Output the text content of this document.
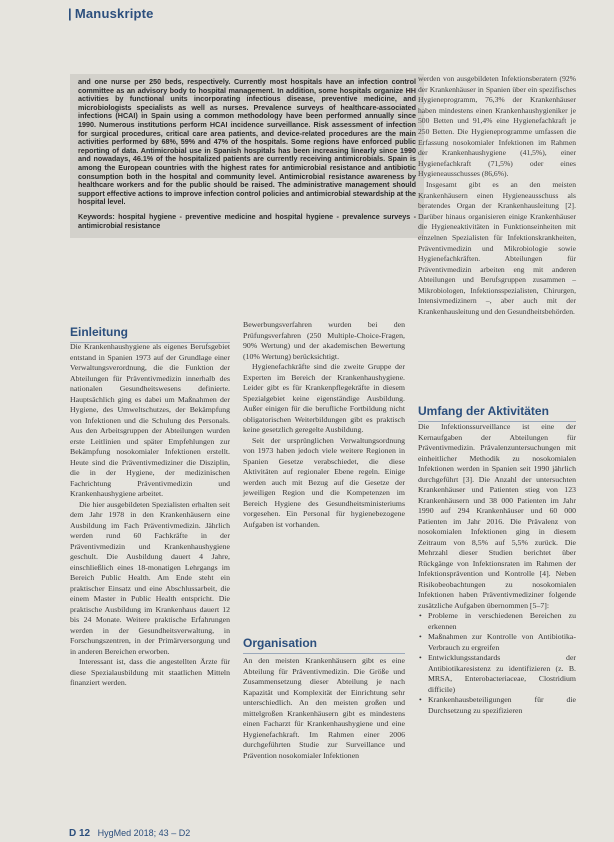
| Manuskripte

and one nurse per 250 beds, respectively. Currently most hospitals have an infection control committee as an advisory body to hospital management. In addition, some hospitals organize HH activities by functional units incorporating infectious disease, preventive medicine, and microbiologists specialists as well as nurses. Prevalence surveys of healthcare-associated infections (HCAI) in Spain using a common methodology have been performed annually since 1990. Numerous institutions perform HCAI incidence surveillance. Risk assessment of infection for surgical procedures, critical care area patients, and device-related procedures are the main activities performed by 68%, 59% and 47% of the hospitals. Some regions have enforced public reporting of data. Antimicrobial use in Spanish hospitals has been increasing linearly since 1990 and nowadays, 46.1% of the hospitalized patients are currently receiving antimicrobials. Spain is among the European countries with the highest rates for antimicrobial resistance and antibiotic consumption both in the hospital and community level. Antimicrobial resistance awareness by healthcare workers and for the public should be raised. The administrative management should support effective actions to improve infection control policies and antimicrobial stewardship at the hospital level.

Keywords: hospital hygiene - preventive medicine and hospital hygiene - prevalence surveys - antimicrobial resistance

werden von ausgebildeten Infektionsberatern (92% der Krankenhäuser in Spanien über ein spezifisches Hygieneprogramm, 76,3% der Krankenhäuser haben mindestens einen Krankenhaushygieniker je 500 Betten und 91,4% eine Hygienefachkraft je 250 Betten. Die Hygieneprogramme umfassen die Erfassung nosokomialer Infektionen im Rahmen der Krankenhaushygiene (41,5%), einer Hygienefachkraft (71,5%) oder eines Hygieneausschusses (86,6%).

Insgesamt gibt es an den meisten Krankenhäusern einen Hygieneausschuss als beratendes Organ der Krankenhausleitung [2]. Darüber hinaus organisieren einige Krankenhäuser die Hygieneaktivitäten in Funktionseinheiten mit einzelnen Spezialisten für Infektionskrankheiten, Präventivmedizin und Mikrobiologie sowie Hygienefachkräften. Abteilungen für Präventivmedizin arbeiten eng mit anderen Abteilungen und Berufsgruppen zusammen – Mikrobiologen, Infektionsspezialisten, Chirurgen, Intensivmedizinern –, aber auch mit der Krankenhausleitung und den Gesundheitsbehörden.

Einleitung

Die Krankenhaushygiene als eigenes Berufsgebiet entstand in Spanien 1973 auf der Grundlage einer Verwaltungsverordnung, die die Funktion der Abteilungen für Präventivmedizin innerhalb des nationalen Gesundheitswesens definierte. Hauptsächlich ging es dabei um Maßnahmen der Hygiene, des Umweltschutzes, der Bekämpfung von Infektionen und die Schulung des Personals. Aus den Arbeitsgruppen der Abteilungen wurden erste Leitlinien und später Empfehlungen zur Bekämpfung nosokomialer Infektionen erstellt. Heute sind die Präventivmediziner die Disziplin, die in der Hygiene, der medizinischen Fachrichtung Präventivmedizin und Krankenhaushygiene arbeitet.

Die hier ausgebildeten Spezialisten erhalten seit dem Jahr 1978 in den Krankenhäusern eine Ausbildung im Fach Präventivmedizin. Jährlich werden rund 60 Fachkräfte in der Präventivmedizin und Krankenhaushygiene geschult. Die Ausbildung dauert 4 Jahre, einschließlich eines 18-monatigen Lehrgangs im Bereich Public Health. Am Ende steht ein praktischer Einsatz und eine Abschlussarbeit, die einem Master in Public Health entspricht. Die praktische Ausbildung im Krankenhaus dauert 12 bis 24 Monate. Weitere praktische Erfahrungen werden in der Gesundheitsverwaltung, in Forschungszentren, in der Primärversorgung und in anderen Bereichen erworben.

Interessant ist, dass die angestellten Ärzte für diese Spezialausbildung mit staatlichen Mitteln finanziert werden.

Bewerbungsverfahren wurden bei den Prüfungsverfahren (250 Multiple-Choice-Fragen, 90% Wertung) und der akademischen Bewertung (10% Wertung) berücksichtigt.

Hygienefachkräfte sind die zweite Gruppe der Experten im Bereich der Krankenhaushygiene. Leider gibt es für Krankenpflegekräfte in diesem Spezialgebiet keine eigenständige Ausbildung. Außer einigen für die berufliche Fortbildung nicht obligatorischen Weiterbildungen gibt es praktisch keine gesetzlich geregelte Ausbildung.

Seit der ursprünglichen Verwaltungsordnung von 1973 haben jedoch viele weitere Regionen in Spanien Gesetze verabschiedet, die diese Aktivitäten auf regionaler Ebene regeln. Einige werden auch mit Bezug auf die Gesetze der jeweiligen Region und die Kompetenzen im Bereich Hygiene des Gesundheitsministeriums vorgesehen. Ein Personal für hygienebezogene Aufgaben ist vorhanden.

Organisation

An den meisten Krankenhäusern gibt es eine Abteilung für Präventivmedizin. Die Größe und Zusammensetzung dieser Abteilung je nach Kapazität und Komplexität der Einrichtung sehr unterschiedlich. An den meisten großen und mittelgroßen Krankenhäusern gibt es mindestens einen Facharzt für Krankenhaushygiene und eine Hygienefachkraft. Im Rahmen einer 2006 durchgeführten Studie zur Surveillance und Prävention nosokomialer Infektionen

Umfang der Aktivitäten

Die Infektionssurveillance ist eine der Kernaufgaben der Abteilungen für Präventivmedizin. Prävalenzuntersuchungen mit einheitlicher Methodik zu nosokomialen Infektionen werden in Spanien seit 1990 jährlich durchgeführt [3]. Die Anzahl der untersuchten Krankenhäuser und Patienten stieg von 123 Krankenhäusern und 38 000 Patienten im Jahr 1990 auf 294 Krankenhäuser und 60 000 Patienten im Jahr 2016. Die Prävalenz von nosokomialen Infektionen ging in diesem Zeitraum von 8,5% auf 5,5% zurück. Die Mehrzahl dieser Studien berichtet über Rückgänge von Infektionsraten im Rahmen der Infektionsprävention und Kontrolle [4]. Neben Risikobeobachtungen zu nosokomialen Infektionen haben Präventivmediziner folgende zusätzliche Aufgaben übernommen [5–7]:

• Probleme in verschiedenen Bereichen zu erkennen
• Maßnahmen zur Kontrolle von Antibiotika-Verbrauch zu ergreifen
• Entwicklungsstandards der Antibiotikaresistenz zu identifizieren (z. B. MRSA, Enterobacteriaceae, Clostridium difficile)
• Krankenhausbeteiligungen für die Durchsetzung zu spezifizieren
D 12 HygMed 2018; 43 – D2
